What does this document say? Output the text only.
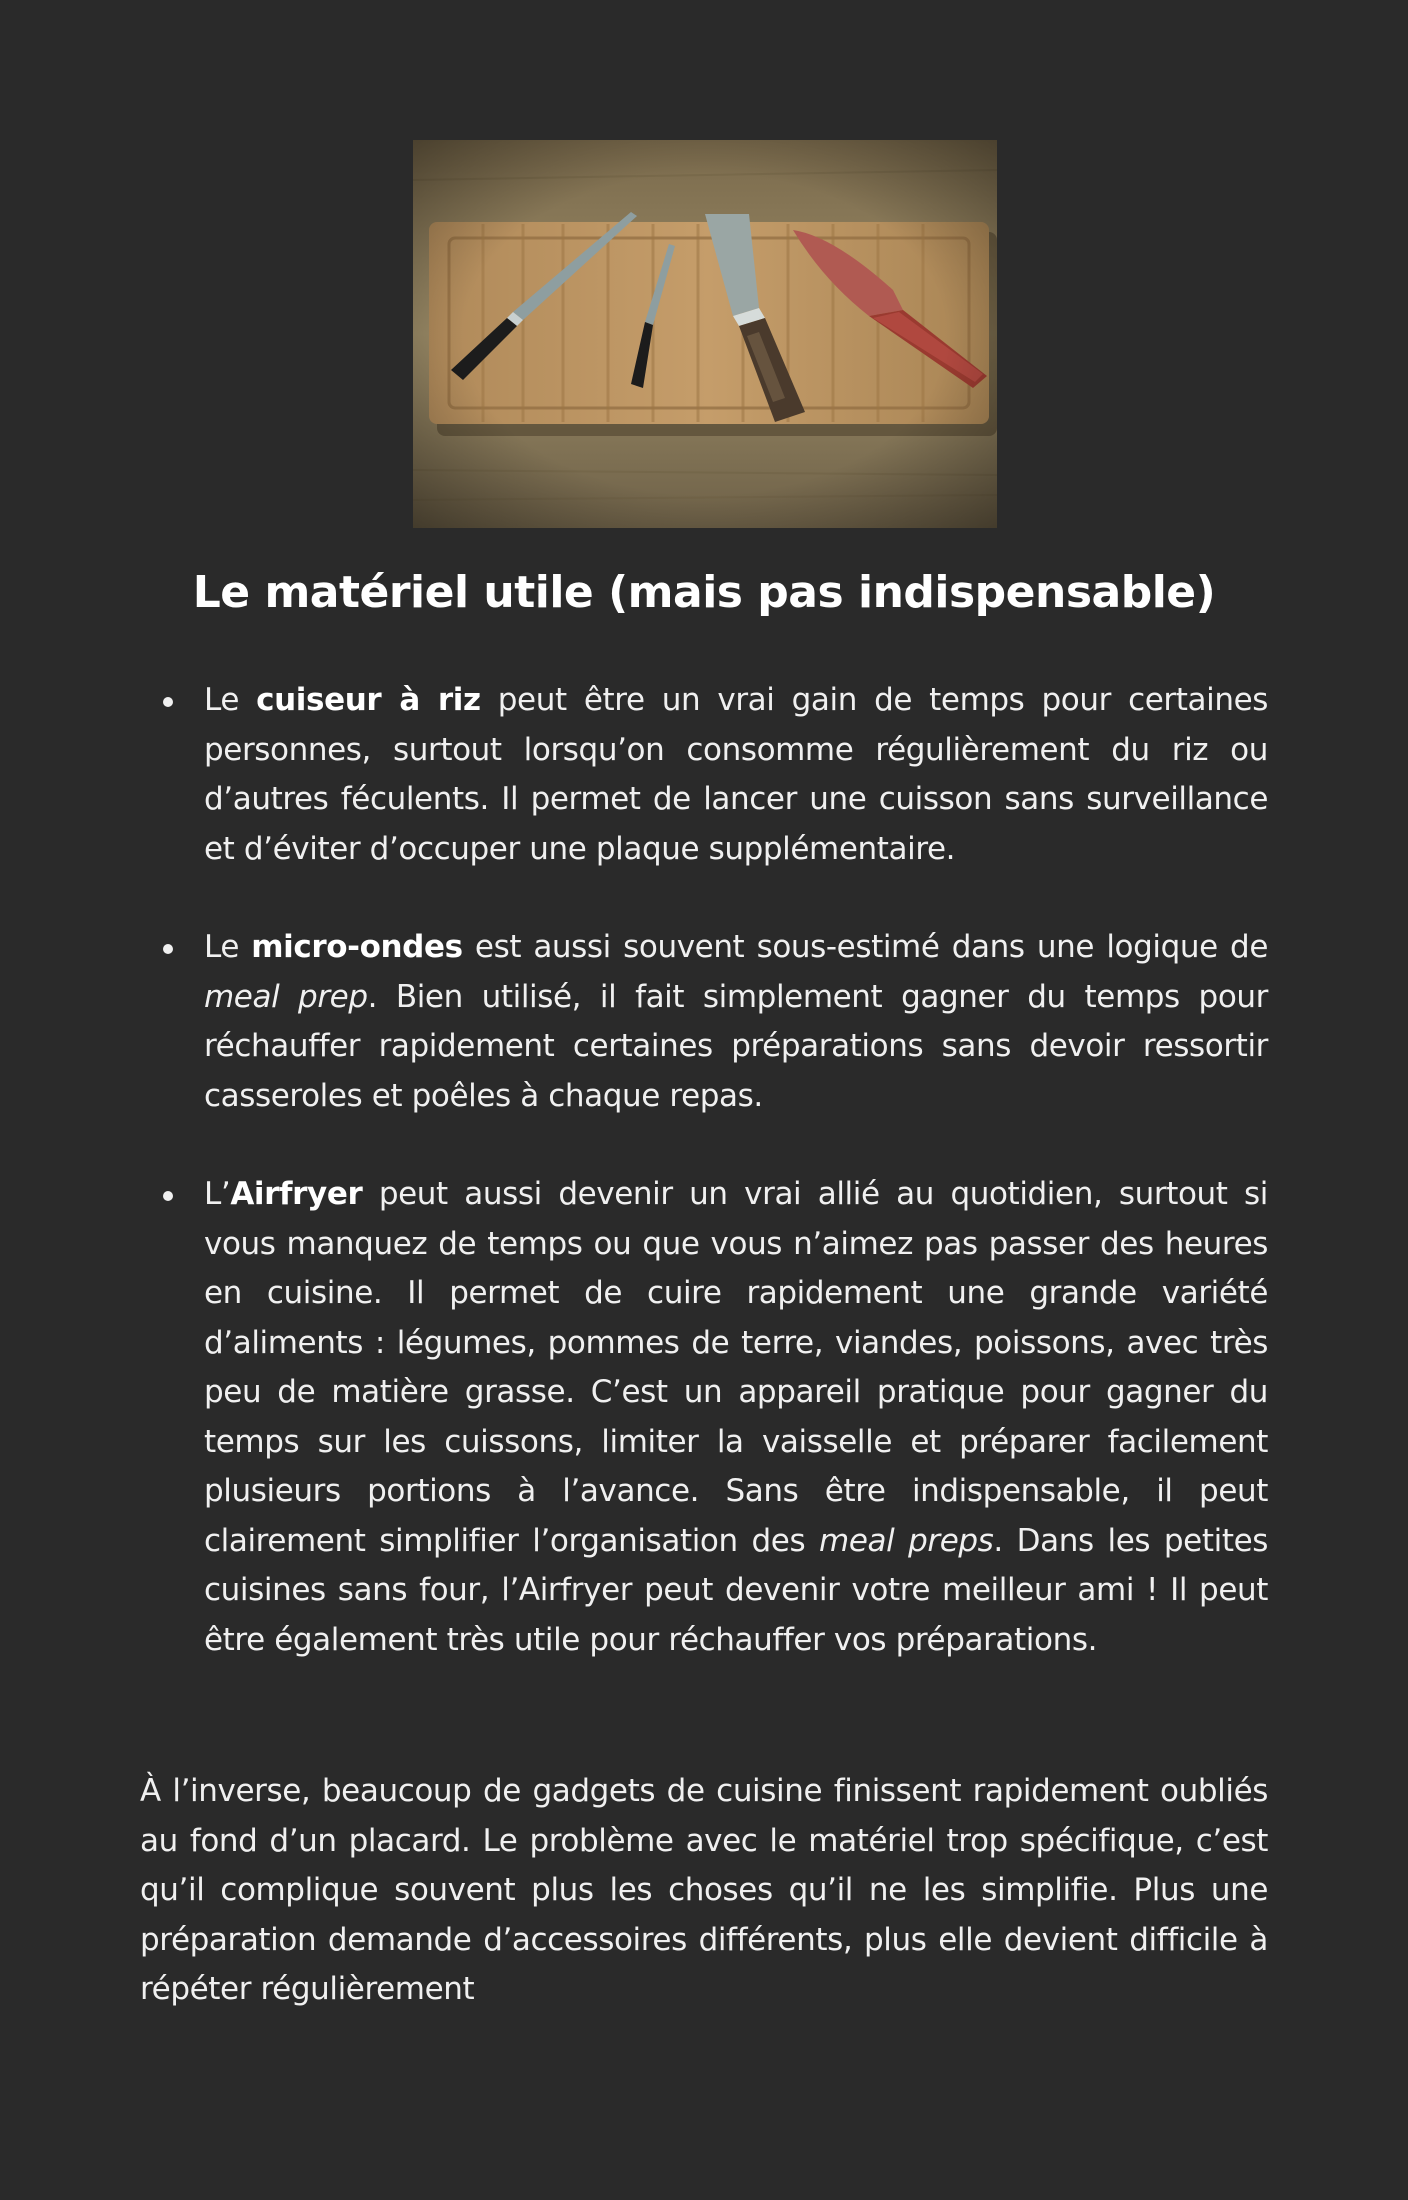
Le matériel utile (mais pas indispensable)
Le cuiseur à riz peut être un vrai gain de temps pour certaines personnes, surtout lorsqu’on consomme régulièrement du riz ou d’autres féculents. Il permet de lancer une cuisson sans surveillance et d’éviter d’occuper une plaque supplémentaire.
Le micro-ondes est aussi souvent sous-estimé dans une logique de meal prep. Bien utilisé, il fait simplement gagner du temps pour réchauffer rapidement certaines préparations sans devoir ressortir casseroles et poêles à chaque repas.
L’Airfryer peut aussi devenir un vrai allié au quotidien, surtout si vous manquez de temps ou que vous n’aimez pas passer des heures en cuisine. Il permet de cuire rapidement une grande variété d’aliments : légumes, pommes de terre, viandes, poissons, avec très peu de matière grasse. C’est un appareil pratique pour gagner du temps sur les cuissons, limiter la vaisselle et préparer facilement plusieurs portions à l’avance. Sans être indispensable, il peut clairement simplifier l’organisation des meal preps. Dans les petites cuisines sans four, l’Airfryer peut devenir votre meilleur ami ! Il peut être également très utile pour réchauffer vos préparations.

À l’inverse, beaucoup de gadgets de cuisine finissent rapidement oubliés au fond d’un placard. Le problème avec le matériel trop spécifique, c’est qu’il complique souvent plus les choses qu’il ne les simplifie. Plus une préparation demande d’accessoires différents, plus elle devient difficile à répéter régulièrement
